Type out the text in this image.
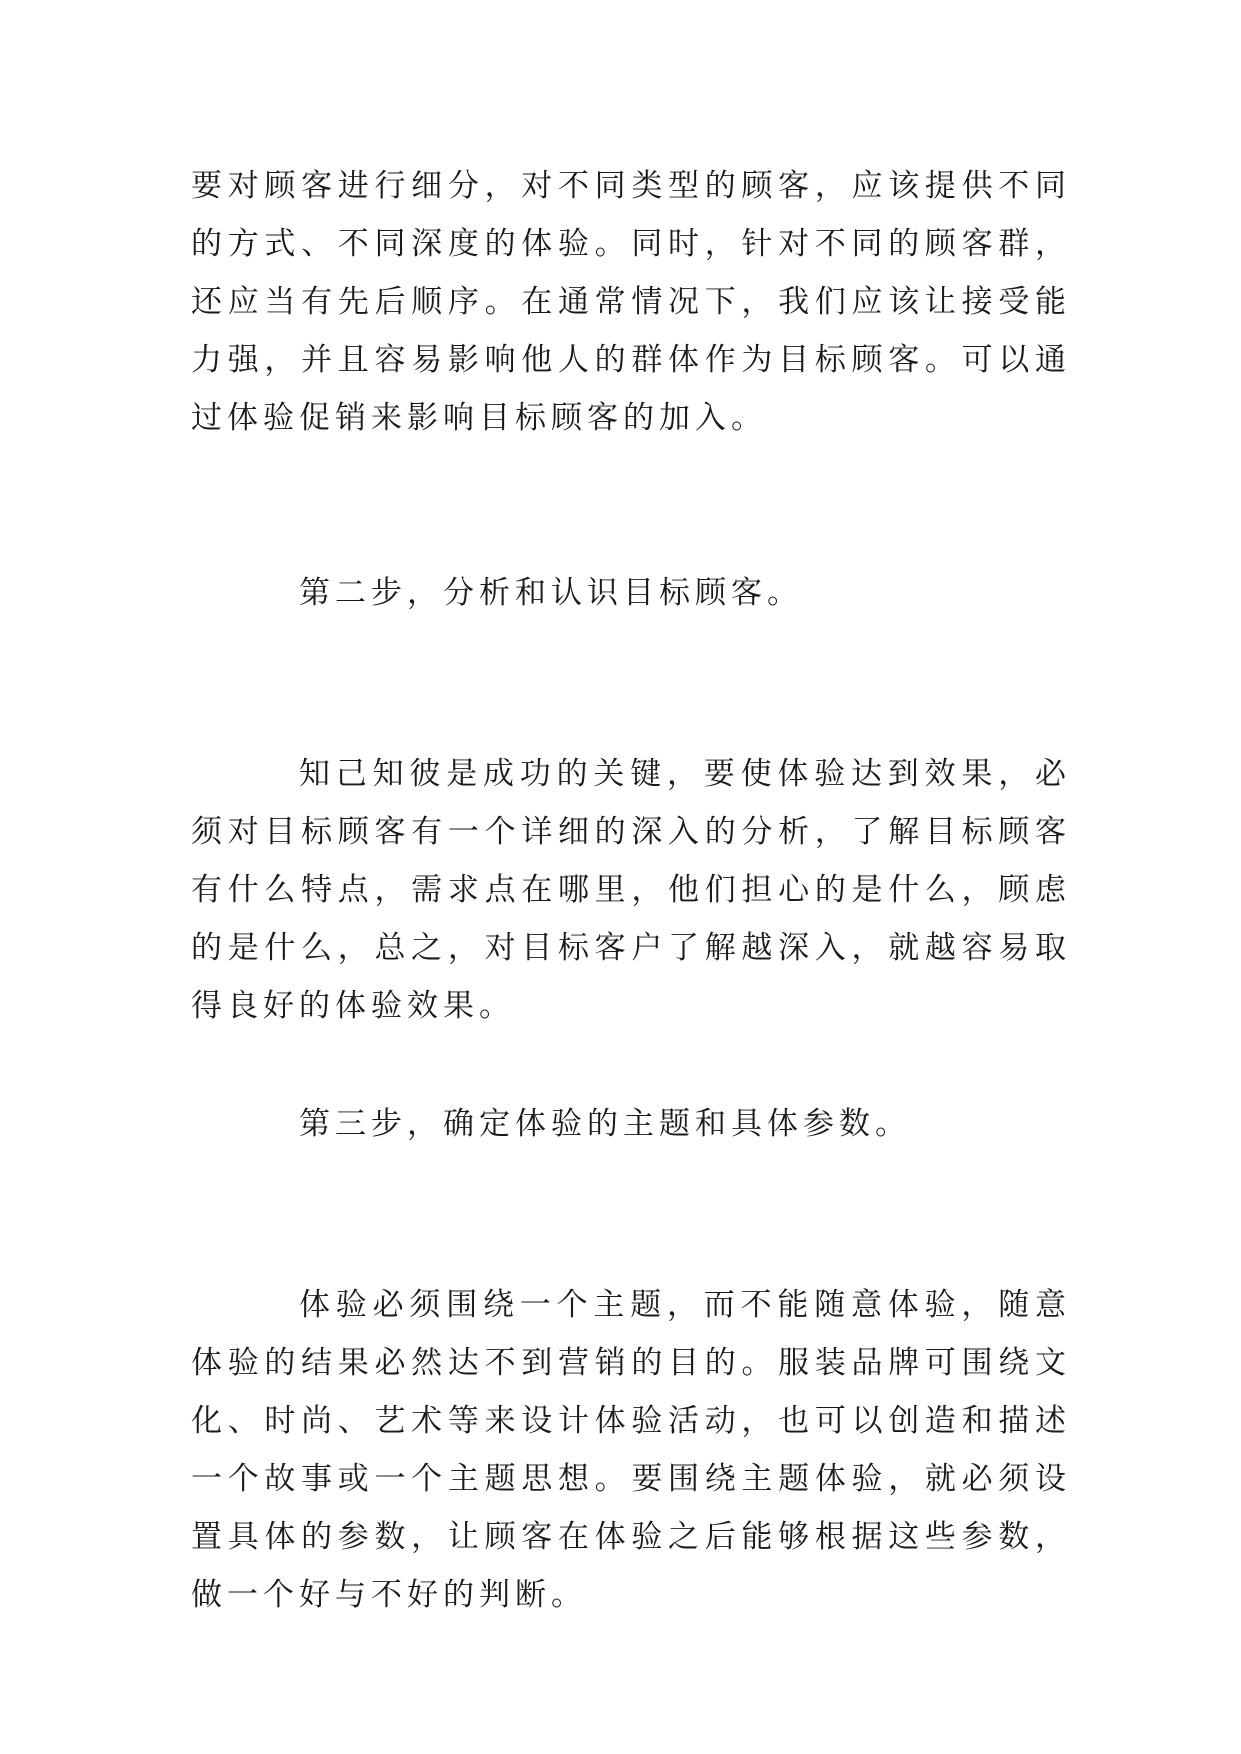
要对顾客进行细分，对不同类型的顾客，应该提供不同的方式、不同深度的体验。同时，针对不同的顾客群，还应当有先后顺序。在通常情况下，我们应该让接受能力强，并且容易影响他人的群体作为目标顾客。可以通过体验促销来影响目标顾客的加入。

第二步，分析和认识目标顾客。

知己知彼是成功的关键，要使体验达到效果，必须对目标顾客有一个详细的深入的分析，了解目标顾客有什么特点，需求点在哪里，他们担心的是什么，顾虑的是什么，总之，对目标客户了解越深入，就越容易取得良好的体验效果。

第三步，确定体验的主题和具体参数。

体验必须围绕一个主题，而不能随意体验，随意体验的结果必然达不到营销的目的。服装品牌可围绕文化、时尚、艺术等来设计体验活动，也可以创造和描述一个故事或一个主题思想。要围绕主题体验，就必须设置具体的参数，让顾客在体验之后能够根据这些参数，做一个好与不好的判断。
